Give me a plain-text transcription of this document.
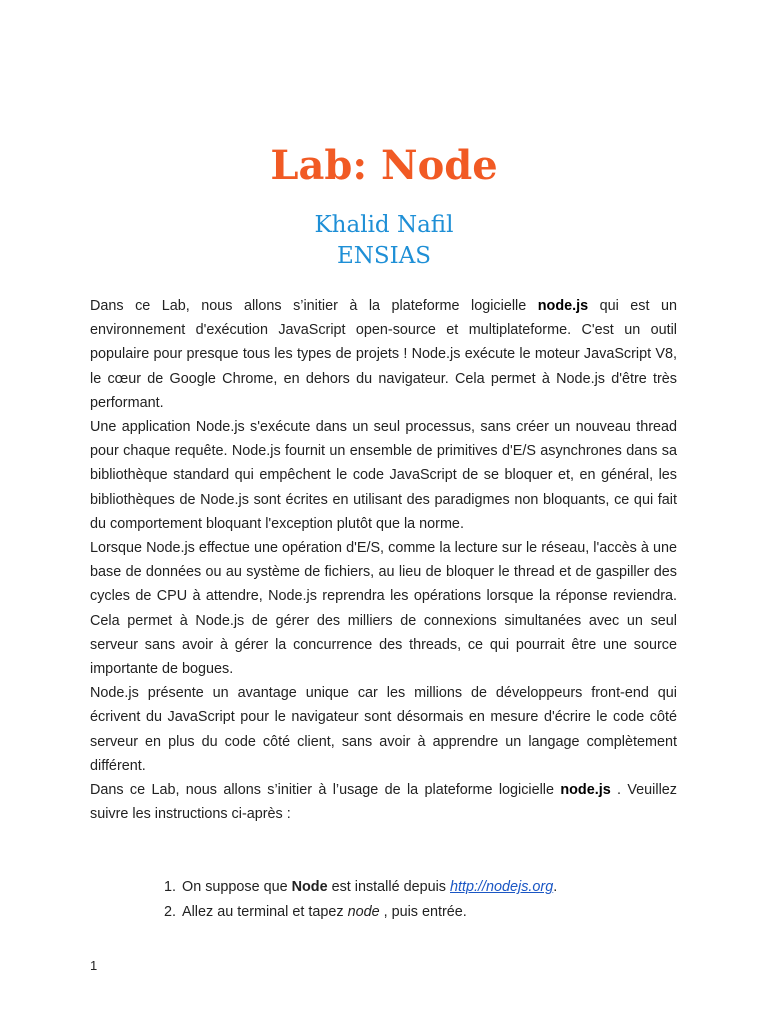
Lab: Node
Khalid Nafil
ENSIAS

Dans ce Lab, nous allons s’initier à la plateforme logicielle node.js qui est un environnement d'exécution JavaScript open-source et multiplateforme. C'est un outil populaire pour presque tous les types de projets ! Node.js exécute le moteur JavaScript V8, le cœur de Google Chrome, en dehors du navigateur. Cela permet à Node.js d'être très performant.

Une application Node.js s'exécute dans un seul processus, sans créer un nouveau thread pour chaque requête. Node.js fournit un ensemble de primitives d'E/S asynchrones dans sa bibliothèque standard qui empêchent le code JavaScript de se bloquer et, en général, les bibliothèques de Node.js sont écrites en utilisant des paradigmes non bloquants, ce qui fait du comportement bloquant l'exception plutôt que la norme.

Lorsque Node.js effectue une opération d'E/S, comme la lecture sur le réseau, l'accès à une base de données ou au système de fichiers, au lieu de bloquer le thread et de gaspiller des cycles de CPU à attendre, Node.js reprendra les opérations lorsque la réponse reviendra. Cela permet à Node.js de gérer des milliers de connexions simultanées avec un seul serveur sans avoir à gérer la concurrence des threads, ce qui pourrait être une source importante de bogues.

Node.js présente un avantage unique car les millions de développeurs front-end qui écrivent du JavaScript pour le navigateur sont désormais en mesure d'écrire le code côté serveur en plus du code côté client, sans avoir à apprendre un langage complètement différent.

Dans ce Lab, nous allons s’initier à l’usage de la plateforme logicielle node.js . Veuillez suivre les instructions ci-après :

1. On suppose que Node est installé depuis http://nodejs.org.
2. Allez au terminal et tapez node , puis entrée.
1
